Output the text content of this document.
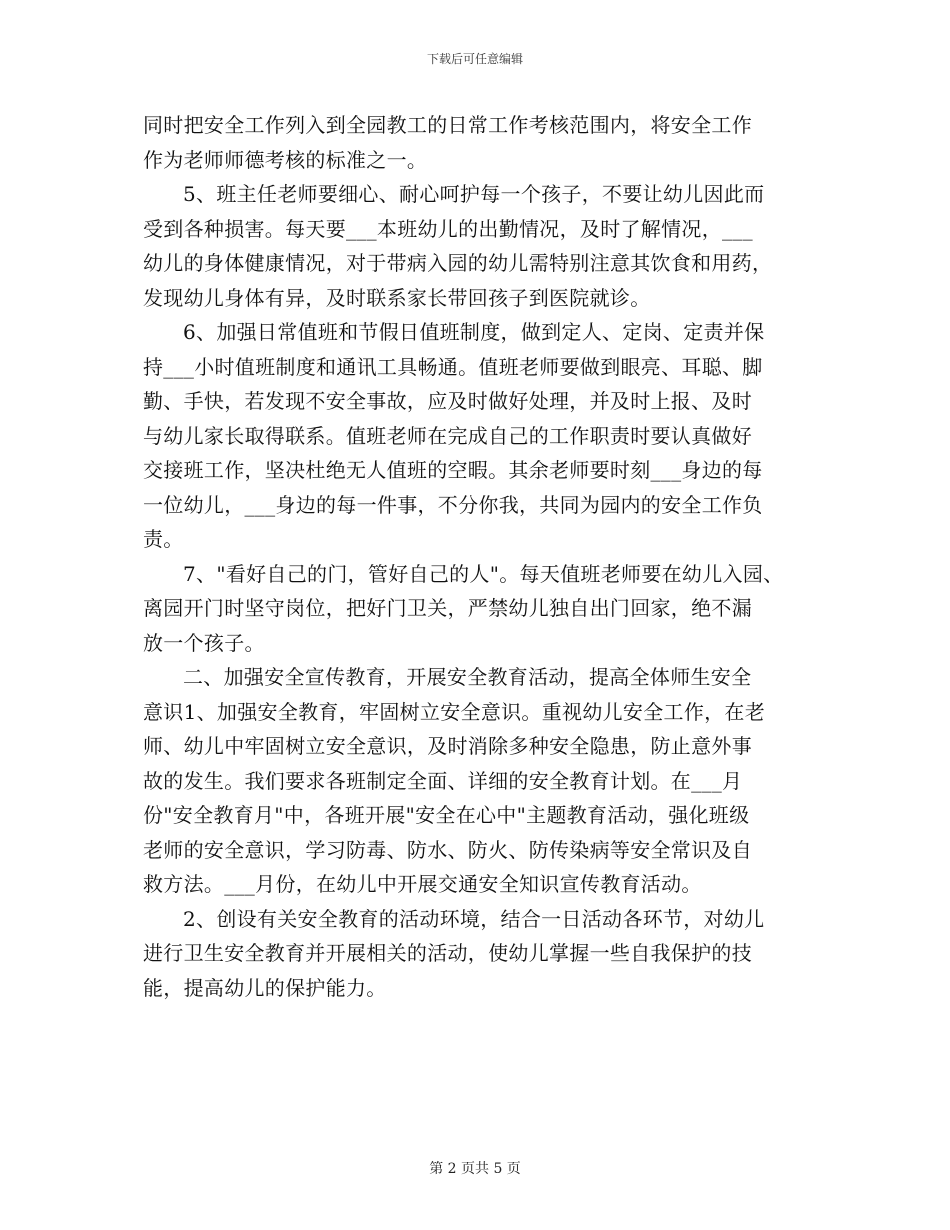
下载后可任意编辑
同时把安全工作列入到全园教工的日常工作考核范围内，将安全工作
作为老师师德考核的标准之一。
5、班主任老师要细心、耐心呵护每一个孩子，不要让幼儿因此而
受到各种损害。每天要___本班幼儿的出勤情况，及时了解情况，___
幼儿的身体健康情况，对于带病入园的幼儿需特别注意其饮食和用药，
发现幼儿身体有异，及时联系家长带回孩子到医院就诊。
6、加强日常值班和节假日值班制度，做到定人、定岗、定责并保
持___小时值班制度和通讯工具畅通。值班老师要做到眼亮、耳聪、脚
勤、手快，若发现不安全事故，应及时做好处理，并及时上报、及时
与幼儿家长取得联系。值班老师在完成自己的工作职责时要认真做好
交接班工作，坚决杜绝无人值班的空暇。其余老师要时刻___身边的每
一位幼儿，___身边的每一件事，不分你我，共同为园内的安全工作负
责。
7、"看好自己的门，管好自己的人"。每天值班老师要在幼儿入园、
离园开门时坚守岗位，把好门卫关，严禁幼儿独自出门回家，绝不漏
放一个孩子。
二、加强安全宣传教育，开展安全教育活动，提高全体师生安全
意识1、加强安全教育，牢固树立安全意识。重视幼儿安全工作，在老
师、幼儿中牢固树立安全意识，及时消除多种安全隐患，防止意外事
故的发生。我们要求各班制定全面、详细的安全教育计划。在___月
份"安全教育月"中，各班开展"安全在心中"主题教育活动，强化班级
老师的安全意识，学习防毒、防水、防火、防传染病等安全常识及自
救方法。___月份，在幼儿中开展交通安全知识宣传教育活动。
2、创设有关安全教育的活动环境，结合一日活动各环节，对幼儿
进行卫生安全教育并开展相关的活动，使幼儿掌握一些自我保护的技
能，提高幼儿的保护能力。
第 2 页共 5 页
